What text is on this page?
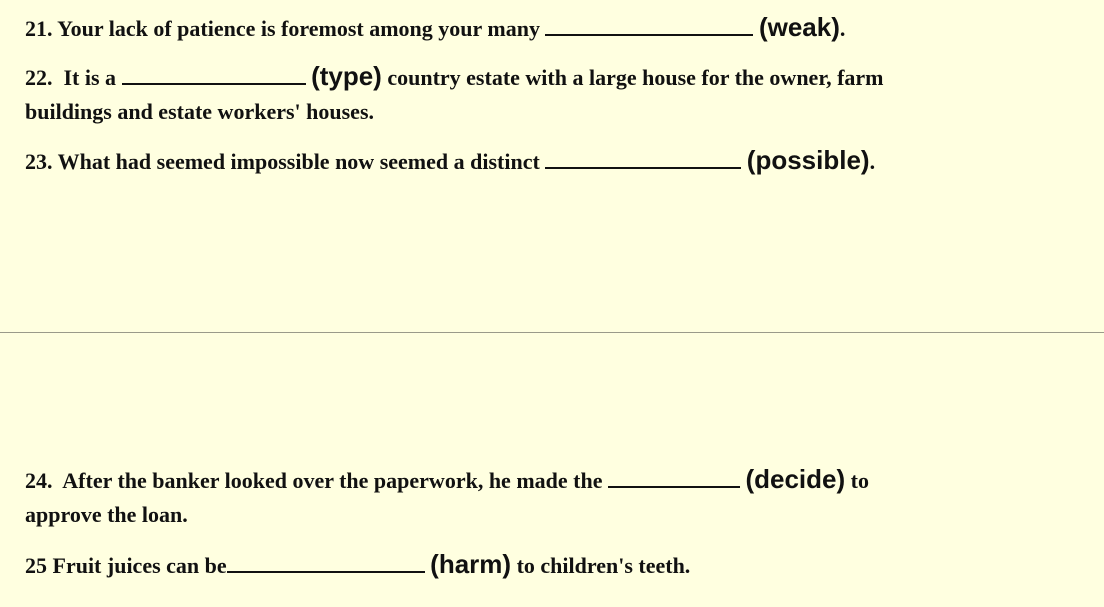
21. Your lack of patience is foremost among your many	(weak).
22.  It is a	(type) country estate with a large house for the owner, farm
buildings and estate workers' houses.
23. What had seemed impossible now seemed a distinct	(possible).
24.  After the banker looked over the paperwork, he made the	(decide) to
approve the loan.
25 Fruit juices can be	(harm) to children's teeth.
